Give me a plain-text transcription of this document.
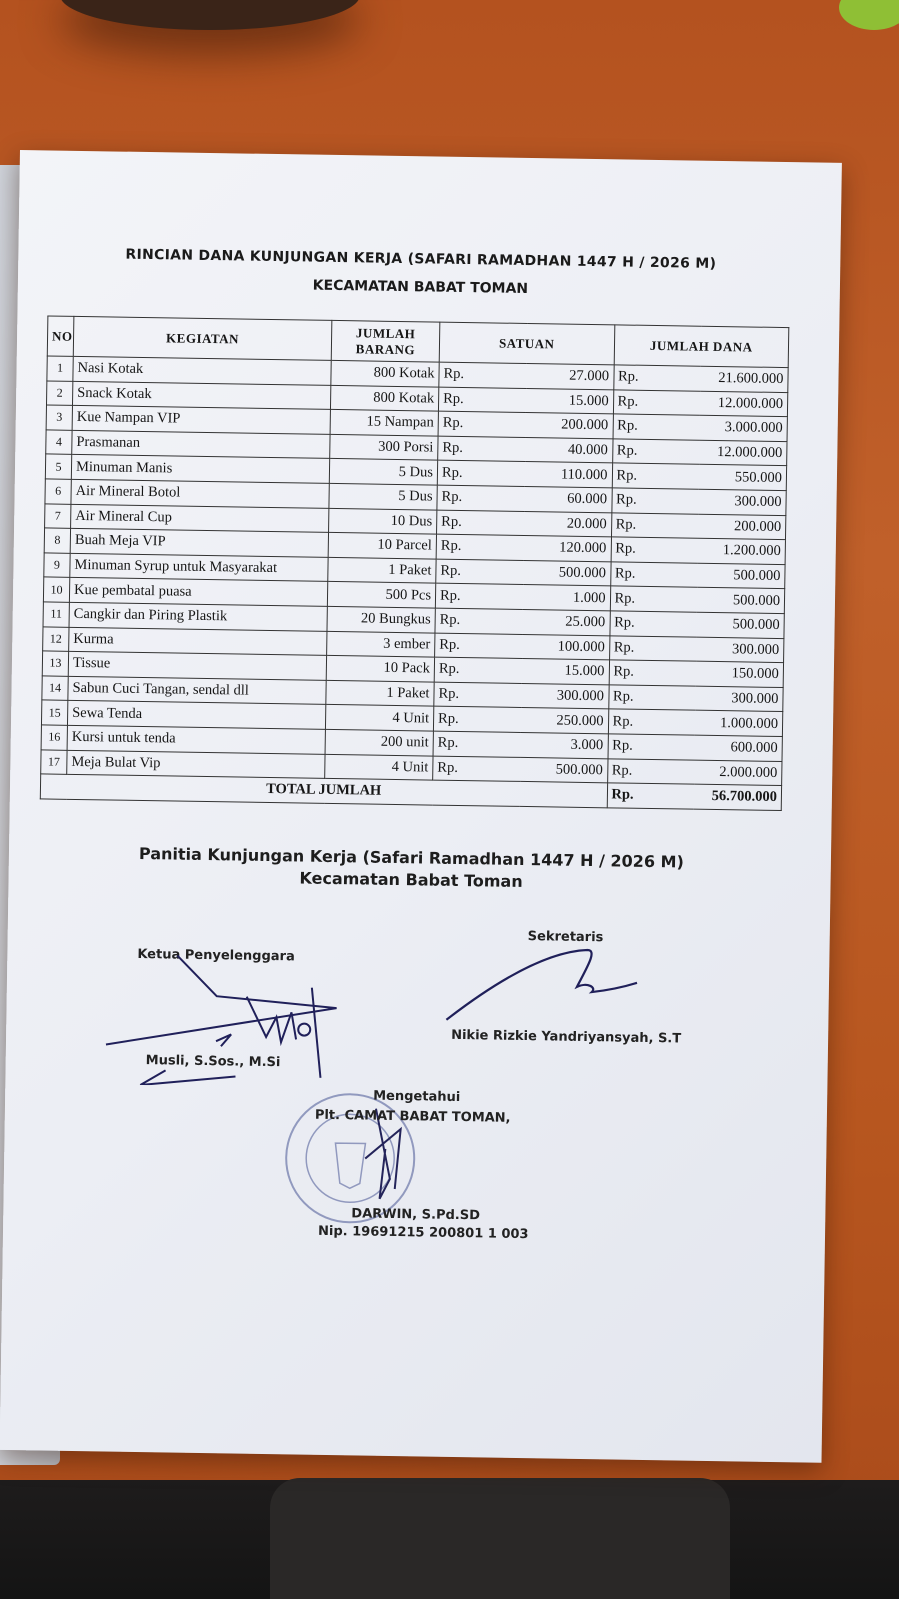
RINCIAN DANA KUNJUNGAN KERJA (SAFARI RAMADHAN 1447 H / 2026 M)
KECAMATAN BABAT TOMAN
NO	KEGIATAN	JUMLAH BARANG	SATUAN		JUMLAH DANA	
1	Nasi Kotak	800 Kotak	Rp.	27.000	Rp.	21.600.000
2	Snack Kotak	800 Kotak	Rp.	15.000	Rp.	12.000.000
3	Kue Nampan VIP	15 Nampan	Rp.	200.000	Rp.	3.000.000
4	Prasmanan	300 Porsi	Rp.	40.000	Rp.	12.000.000
5	Minuman Manis	5 Dus	Rp.	110.000	Rp.	550.000
6	Air Mineral Botol	5 Dus	Rp.	60.000	Rp.	300.000
7	Air Mineral Cup	10 Dus	Rp.	20.000	Rp.	200.000
8	Buah Meja VIP	10 Parcel	Rp.	120.000	Rp.	1.200.000
9	Minuman Syrup untuk Masyarakat	1 Paket	Rp.	500.000	Rp.	500.000
10	Kue pembatal puasa	500 Pcs	Rp.	1.000	Rp.	500.000
11	Cangkir dan Piring Plastik	20 Bungkus	Rp.	25.000	Rp.	500.000
12	Kurma	3 ember	Rp.	100.000	Rp.	300.000
13	Tissue	10 Pack	Rp.	15.000	Rp.	150.000
14	Sabun Cuci Tangan, sendal dll	1 Paket	Rp.	300.000	Rp.	300.000
15	Sewa Tenda	4 Unit	Rp.	250.000	Rp.	1.000.000
16	Kursi untuk tenda	200 unit	Rp.	3.000	Rp.	600.000
17	Meja Bulat Vip	4 Unit	Rp.	500.000	Rp.	2.000.000
TOTAL JUMLAH					Rp.	56.700.000
Panitia Kunjungan Kerja (Safari Ramadhan 1447 H / 2026 M)
Kecamatan Babat Toman
Ketua Penyelenggara
Sekretaris
Musli, S.Sos., M.Si
Nikie Rizkie Yandriyansyah, S.T
Mengetahui
Plt. CAMAT BABAT TOMAN,
DARWIN, S.Pd.SD
Nip. 19691215 200801 1 003
